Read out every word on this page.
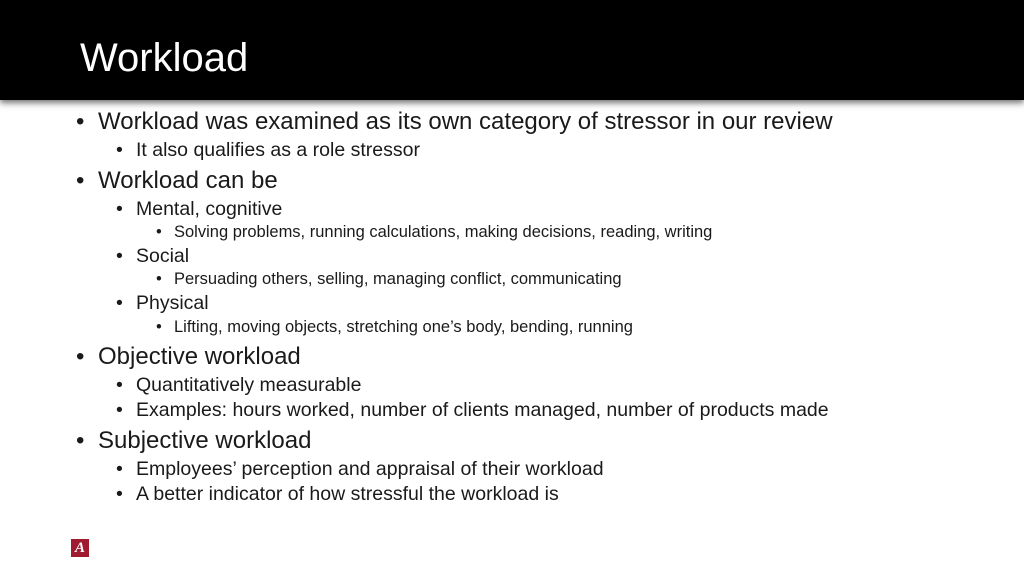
Workload
• Workload was examined as its own category of stressor in our review
• It also qualifies as a role stressor
• Workload can be
• Mental, cognitive
• Solving problems, running calculations, making decisions, reading, writing
• Social
• Persuading others, selling, managing conflict, communicating
• Physical
• Lifting, moving objects, stretching one’s body, bending, running
• Objective workload
• Quantitatively measurable
• Examples: hours worked, number of clients managed, number of products made
• Subjective workload
• Employees’ perception and appraisal of their workload
• A better indicator of how stressful the workload is
A
